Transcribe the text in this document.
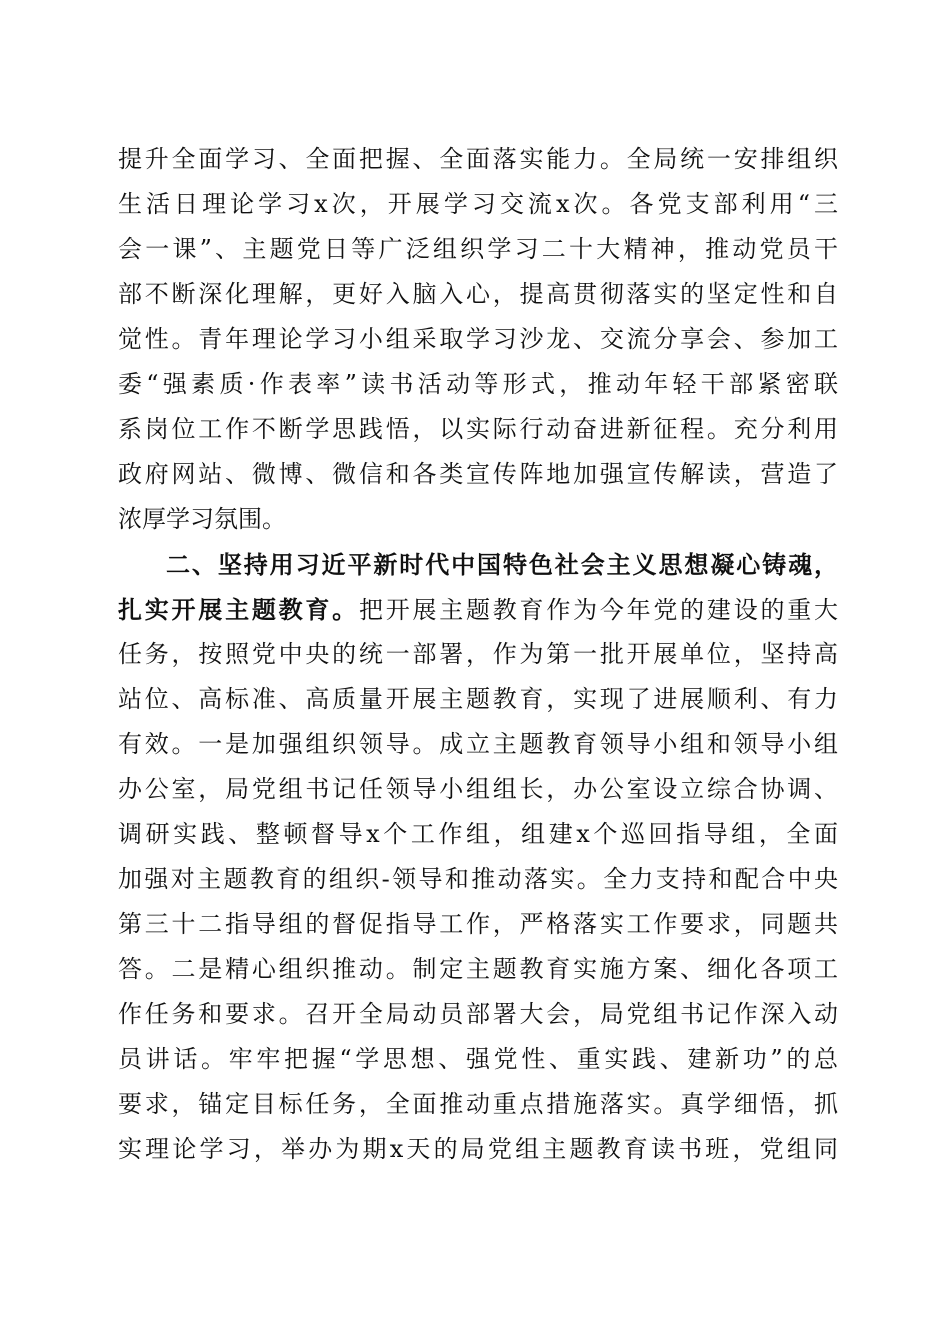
提升全面学习、全面把握、全面落实能力。全局统一安排组织
生活日理论学习x次，开展学习交流x次。各党支部利用“三
会一课”、主题党日等广泛组织学习二十大精神，推动党员干
部不断深化理解，更好入脑入心，提高贯彻落实的坚定性和自
觉性。青年理论学习小组采取学习沙龙、交流分享会、参加工
委“强素质·作表率”读书活动等形式，推动年轻干部紧密联
系岗位工作不断学思践悟，以实际行动奋进新征程。充分利用
政府网站、微博、微信和各类宣传阵地加强宣传解读，营造了
浓厚学习氛围。
二、坚持用习近平新时代中国特色社会主义思想凝心铸魂，
扎实开展主题教育。把开展主题教育作为今年党的建设的重大
任务，按照党中央的统一部署，作为第一批开展单位，坚持高
站位、高标准、高质量开展主题教育，实现了进展顺利、有力
有效。一是加强组织领导。成立主题教育领导小组和领导小组
办公室，局党组书记任领导小组组长，办公室设立综合协调、
调研实践、整顿督导x个工作组，组建x个巡回指导组，全面
加强对主题教育的组织-领导和推动落实。全力支持和配合中央
第三十二指导组的督促指导工作，严格落实工作要求，同题共
答。二是精心组织推动。制定主题教育实施方案、细化各项工
作任务和要求。召开全局动员部署大会，局党组书记作深入动
员讲话。牢牢把握“学思想、强党性、重实践、建新功”的总
要求，锚定目标任务，全面推动重点措施落实。真学细悟，抓
实理论学习，举办为期x天的局党组主题教育读书班，党组同
